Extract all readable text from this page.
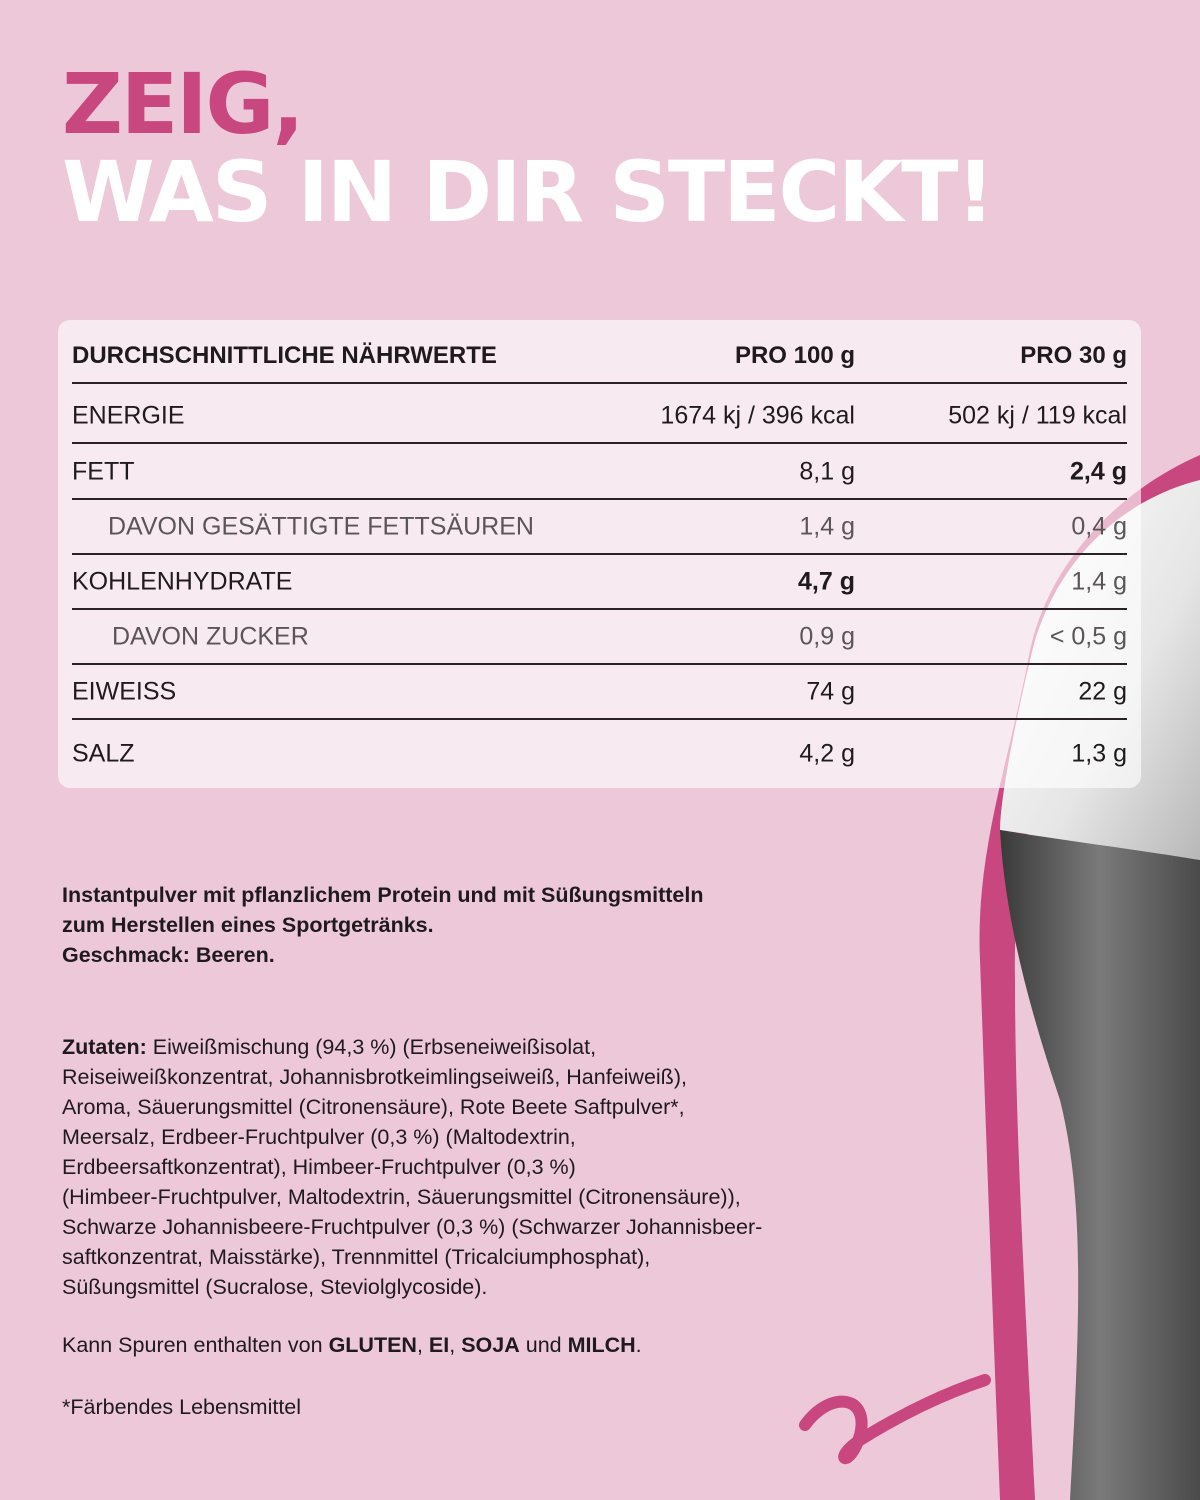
ZEIG,
WAS IN DIR STECKT!
DURCHSCHNITTLICHE NÄHRWERTE	PRO 100 g	PRO 30 g
ENERGIE	1674 kj / 396 kcal	502 kj / 119 kcal
FETT	8,1 g	2,4 g
DAVON GESÄTTIGTE FETTSÄUREN	1,4 g	0,4 g
KOHLENHYDRATE	4,7 g	1,4 g
DAVON ZUCKER	0,9 g	< 0,5 g
EIWEISS	74 g	22 g
SALZ	4,2 g	1,3 g
Instantpulver mit pflanzlichem Protein und mit Süßungsmitteln
zum Herstellen eines Sportgetränks.
Geschmack: Beeren.
Zutaten: Eiweißmischung (94,3 %) (Erbseneiweißisolat,
Reiseiweißkonzentrat, Johannisbrotkeimlingseiweiß, Hanfeiweiß),
Aroma, Säuerungsmittel (Citronensäure), Rote Beete Saftpulver*,
Meersalz, Erdbeer-Fruchtpulver (0,3 %) (Maltodextrin,
Erdbeersaftkonzentrat), Himbeer-Fruchtpulver (0,3 %)
(Himbeer-Fruchtpulver, Maltodextrin, Säuerungsmittel (Citronensäure)),
Schwarze Johannisbeere-Fruchtpulver (0,3 %) (Schwarzer Johannisbeer-
saftkonzentrat, Maisstärke), Trennmittel (Tricalciumphosphat),
Süßungsmittel (Sucralose, Steviolglycoside).
Kann Spuren enthalten von GLUTEN, EI, SOJA und MILCH.
*Färbendes Lebensmittel
